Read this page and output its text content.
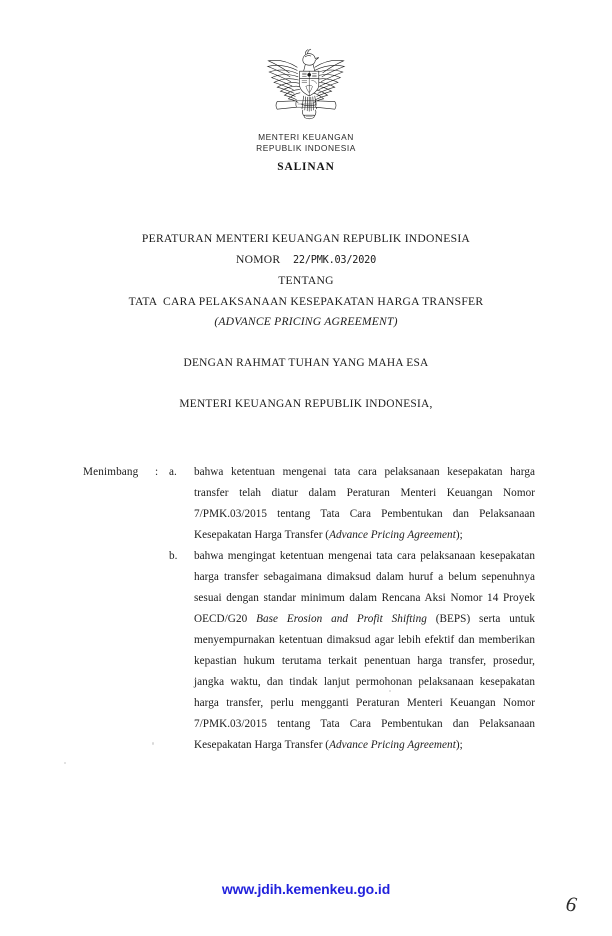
MENTERI KEUANGAN
REPUBLIK INDONESIA
SALINAN
PERATURAN MENTERI KEUANGAN REPUBLIK INDONESIA
NOMOR 22/PMK.03/2020
TENTANG
TATA  CARA PELAKSANAAN KESEPAKATAN HARGA TRANSFER
(ADVANCE PRICING AGREEMENT)
DENGAN RAHMAT TUHAN YANG MAHA ESA
MENTERI KEUANGAN REPUBLIK INDONESIA,
Menimbang	: a.	bahwa ketentuan mengenai tata cara pelaksanaan kesepakatan harga transfer telah diatur dalam Peraturan Menteri Keuangan Nomor 7/PMK.03/2015 tentang Tata Cara Pembentukan dan Pelaksanaan Kesepakatan Harga Transfer (Advance Pricing Agreement);
b.	bahwa mengingat ketentuan mengenai tata cara pelaksanaan kesepakatan harga transfer sebagaimana dimaksud dalam huruf a belum sepenuhnya sesuai dengan standar minimum dalam Rencana Aksi Nomor 14 Proyek OECD/G20 Base Erosion and Profit Shifting (BEPS) serta untuk menyempurnakan ketentuan dimaksud agar lebih efektif dan memberikan kepastian hukum terutama terkait penentuan harga transfer, prosedur, jangka waktu, dan tindak lanjut permohonan pelaksanaan kesepakatan harga transfer, perlu mengganti Peraturan Menteri Keuangan Nomor 7/PMK.03/2015 tentang Tata Cara Pembentukan dan Pelaksanaan Kesepakatan Harga Transfer (Advance Pricing Agreement);
www.jdih.kemenkeu.go.id
6
